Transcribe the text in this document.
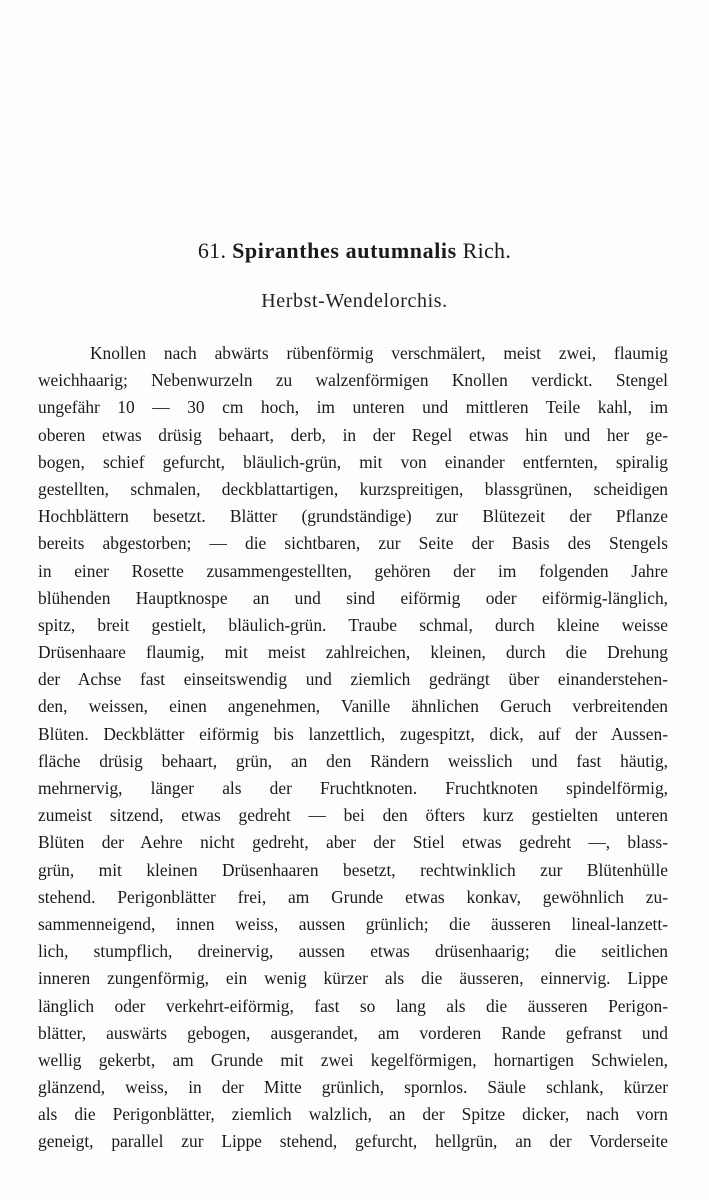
61. Spiranthes autumnalis Rich.
Herbst-Wendelorchis.
Knollen nach abwärts rübenförmig verschmälert, meist zwei, flaumig
weichhaarig; Nebenwurzeln zu walzenförmigen Knollen verdickt. Stengel
ungefähr 10 — 30 cm hoch, im unteren und mittleren Teile kahl, im
oberen etwas drüsig behaart, derb, in der Regel etwas hin und her ge-
bogen, schief gefurcht, bläulich-grün, mit von einander entfernten, spiralig
gestellten, schmalen, deckblattartigen, kurzspreitigen, blassgrünen, scheidigen
Hochblättern besetzt. Blätter (grundständige) zur Blütezeit der Pflanze
bereits abgestorben; — die sichtbaren, zur Seite der Basis des Stengels
in einer Rosette zusammengestellten, gehören der im folgenden Jahre
blühenden Hauptknospe an und sind eiförmig oder eiförmig-länglich,
spitz, breit gestielt, bläulich-grün. Traube schmal, durch kleine weisse
Drüsenhaare flaumig, mit meist zahlreichen, kleinen, durch die Drehung
der Achse fast einseitswendig und ziemlich gedrängt über einanderstehen-
den, weissen, einen angenehmen, Vanille ähnlichen Geruch verbreitenden
Blüten. Deckblätter eiförmig bis lanzettlich, zugespitzt, dick, auf der Aussen-
fläche drüsig behaart, grün, an den Rändern weisslich und fast häutig,
mehrnervig, länger als der Fruchtknoten. Fruchtknoten spindelförmig,
zumeist sitzend, etwas gedreht — bei den öfters kurz gestielten unteren
Blüten der Aehre nicht gedreht, aber der Stiel etwas gedreht —, blass-
grün, mit kleinen Drüsenhaaren besetzt, rechtwinklich zur Blütenhülle
stehend. Perigonblätter frei, am Grunde etwas konkav, gewöhnlich zu-
sammenneigend, innen weiss, aussen grünlich; die äusseren lineal-lanzett-
lich, stumpflich, dreinervig, aussen etwas drüsenhaarig; die seitlichen
inneren zungenförmig, ein wenig kürzer als die äusseren, einnervig. Lippe
länglich oder verkehrt-eiförmig, fast so lang als die äusseren Perigon-
blätter, auswärts gebogen, ausgerandet, am vorderen Rande gefranst und
wellig gekerbt, am Grunde mit zwei kegelförmigen, hornartigen Schwielen,
glänzend, weiss, in der Mitte grünlich, spornlos. Säule schlank, kürzer
als die Perigonblätter, ziemlich walzlich, an der Spitze dicker, nach vorn
geneigt, parallel zur Lippe stehend, gefurcht, hellgrün, an der Vorderseite
